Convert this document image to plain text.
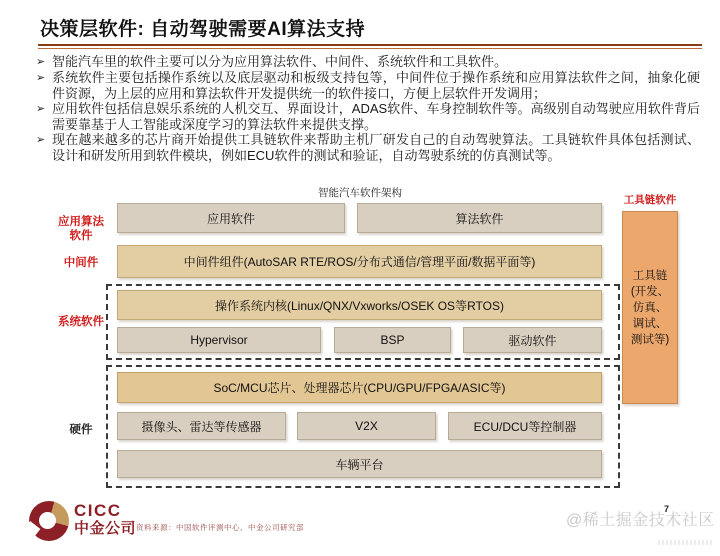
决策层软件: 自动驾驶需要AI算法支持
➢ 智能汽车里的软件主要可以分为应用算法软件、中间件、系统软件和工具软件。
➢ 系统软件主要包括操作系统以及底层驱动和板级支持包等，中间件位于操作系统和应用算法软件之间，抽象化硬件资源，为上层的应用和算法软件开发提供统一的软件接口，方便上层软件开发调用；
➢ 应用软件包括信息娱乐系统的人机交互、界面设计，ADAS软件、车身控制软件等。高级别自动驾驶应用软件背后需要靠基于人工智能或深度学习的算法软件来提供支撑。
➢ 现在越来越多的芯片商开始提供工具链软件来帮助主机厂研发自己的自动驾驶算法。工具链软件具体包括测试、设计和研发所用到软件模块，例如ECU软件的测试和验证，自动驾驶系统的仿真测试等。
智能汽车软件架构
应用算法软件
中间件
系统软件
硬件
应用软件	算法软件
中间件组件(AutoSAR RTE/ROS/分布式通信/管理平面/数据平面等)
操作系统内核(Linux/QNX/Vxworks/OSEK OS等RTOS)
Hypervisor	BSP	驱动软件
SoC/MCU芯片、处理器芯片(CPU/GPU/FPGA/ASIC等)
摄像头、雷达等传感器	V2X	ECU/DCU等控制器
车辆平台
工具链软件
工具链
(开发、
仿真、
调试、
测试等)
CICC
中金公司 资料来源：中国软件评测中心、中金公司研究部
7
@稀土掘金技术社区
